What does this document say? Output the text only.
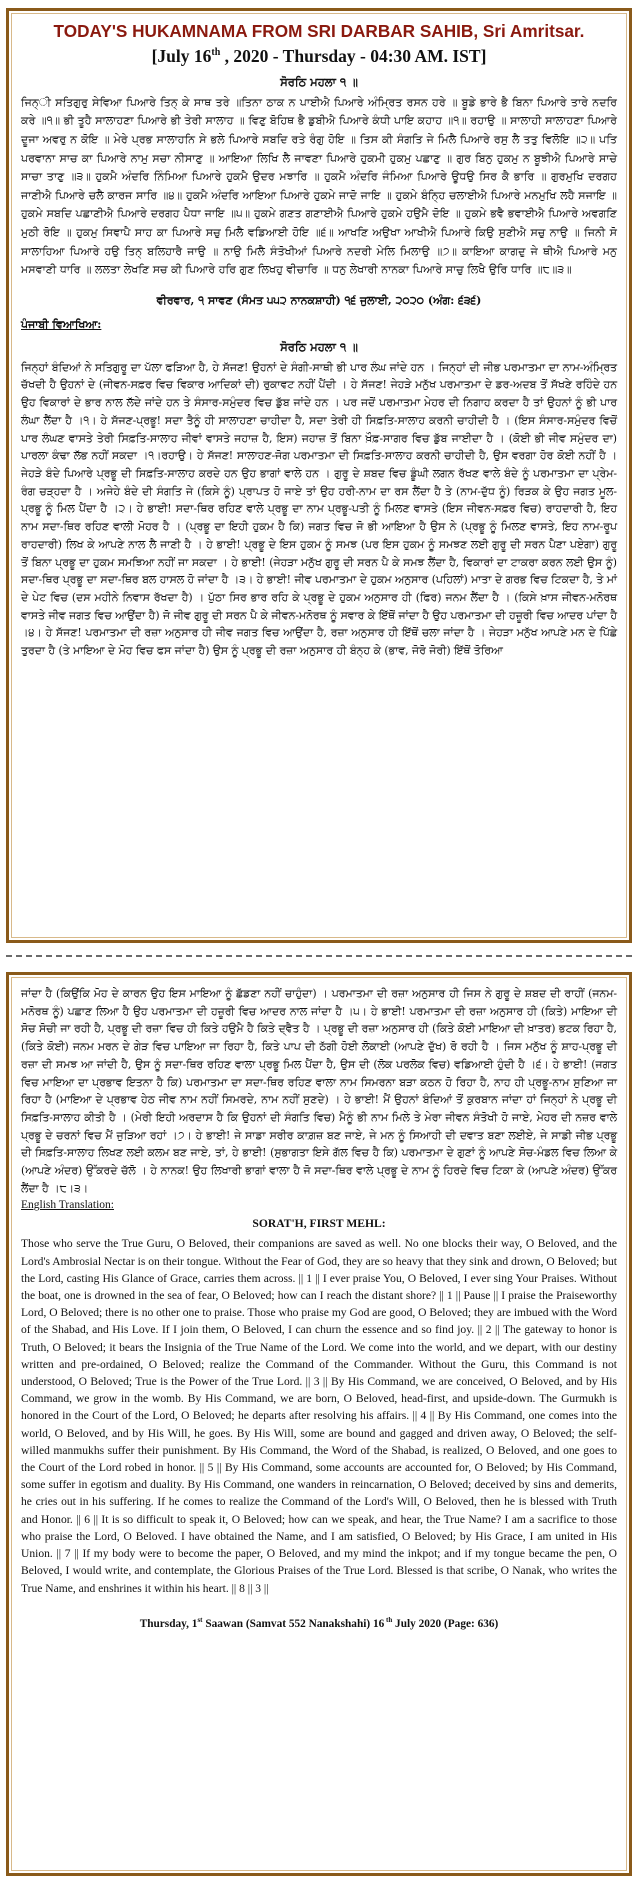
TODAY'S HUKAMNAMA FROM SRI DARBAR SAHIB, Sri Amritsar.
[July 16th , 2020 - Thursday - 04:30 AM. IST]
ਸੋਰਠਿ ਮਹਲਾ ੧ ॥
ਜਿਨ੍ੀ ਸਤਿਗੁਰੁ ਸੇਵਿਆ ਪਿਆਰੇ ਤਿਨ੍ ਕੇ ਸਾਥ ਤਰੇ ॥ਤਿਨਾ ਠਾਕ ਨ ਪਾਈਐ ਪਿਆਰੇ ਅੰਮ੍ਰਿਤ ਰਸਨ ਹਰੇ ॥ ਬੂਡੇ ਭਾਰੇ ਭੈ ਬਿਨਾ ਪਿਆਰੇ ਤਾਰੇ ਨਦਰਿ ਕਰੇ ॥੧॥ ਭੀ ਤੂਹੈ ਸਾਲਾਹਣਾ ਪਿਆਰੇ ਭੀ ਤੇਰੀ ਸਾਲਾਹ ॥ ਵਿਣੁ ਬੋਹਿਥ ਭੈ ਡੁਬੀਐ ਪਿਆਰੇ ਕੰਧੀ ਪਾਇ ਕਹਾਹ ॥੧॥ ਰਹਾਉ ॥ ਸਾਲਾਹੀ ਸਾਲਾਹਣਾ ਪਿਆਰੇ ਦੂਜਾ ਅਵਰੁ ਨ ਕੋਇ ॥ ਮੇਰੇ ਪ੍ਰਭ ਸਾਲਾਹਨਿ ਸੇ ਭਲੇ ਪਿਆਰੇ ਸਬਦਿ ਰਤੇ ਰੰਗੁ ਹੋਇ ॥ ਤਿਸ ਕੀ ਸੰਗਤਿ ਜੇ ਮਿਲੈ ਪਿਆਰੇ ਰਸੁ ਲੈ ਤਤੁ ਵਿਲੋਇ ॥੨॥ ਪਤਿ ਪਰਵਾਨਾ ਸਾਚ ਕਾ ਪਿਆਰੇ ਨਾਮੁ ਸਚਾ ਨੀਸਾਣੁ ॥ ਆਇਆ ਲਿਖਿ ਲੈ ਜਾਵਣਾ ਪਿਆਰੇ ਹੁਕਮੀ ਹੁਕਮੁ ਪਛਾਣੁ ॥ ਗੁਰ ਬਿਨੁ ਹੁਕਮੁ ਨ ਬੂਝੀਐ ਪਿਆਰੇ ਸਾਚੇ ਸਾਚਾ ਤਾਣੁ ॥੩॥ ਹੁਕਮੈ ਅੰਦਰਿ ਨਿੰਮਿਆ ਪਿਆਰੇ ਹੁਕਮੈ ਉਦਰ ਮਝਾਰਿ ॥ ਹੁਕਮੈ ਅੰਦਰਿ ਜੰਮਿਆ ਪਿਆਰੇ ਊਧਉ ਸਿਰ ਕੈ ਭਾਰਿ ॥ ਗੁਰਮੁਖਿ ਦਰਗਹ ਜਾਣੀਐ ਪਿਆਰੇ ਚਲੈ ਕਾਰਜ ਸਾਰਿ ॥੪॥ ਹੁਕਮੈ ਅੰਦਰਿ ਆਇਆ ਪਿਆਰੇ ਹੁਕਮੇ ਜਾਦੋ ਜਾਇ ॥ ਹੁਕਮੇ ਬੰਨ੍ਹਿ ਚਲਾਈਐ ਪਿਆਰੇ ਮਨਮੁਖਿ ਲਹੈ ਸਜਾਇ ॥ ਹੁਕਮੇ ਸਬਦਿ ਪਛਾਣੀਐ ਪਿਆਰੇ ਦਰਗਹ ਪੈਧਾ ਜਾਇ ॥੫॥ ਹੁਕਮੇ ਗਣਤ ਗਣਾਈਐ ਪਿਆਰੇ ਹੁਕਮੇ ਹਉਮੈ ਦੋਇ ॥ ਹੁਕਮੇ ਭਵੈ ਭਵਾਈਐ ਪਿਆਰੇ ਅਵਗਣਿ ਮੁਠੀ ਰੋਇ ॥ ਹੁਕਮੁ ਸਿਞਾਪੈ ਸਾਹ ਕਾ ਪਿਆਰੇ ਸਚੁ ਮਿਲੈ ਵਡਿਆਈ ਹੋਇ ॥੬॥ ਆਖਣਿ ਅਉਖਾ ਆਖੀਐ ਪਿਆਰੇ ਕਿਉ ਸੁਣੀਐ ਸਚੁ ਨਾਉ ॥ ਜਿਨੀ ਸੋ ਸਾਲਾਹਿਆ ਪਿਆਰੇ ਹਉ ਤਿਨ੍ ਬਲਿਹਾਰੈ ਜਾਉ ॥ ਨਾਉ ਮਿਲੈ ਸੰਤੋਖੀਆਂ ਪਿਆਰੇ ਨਦਰੀ ਮੇਲਿ ਮਿਲਾਉ ॥੭॥ ਕਾਇਆ ਕਾਗਦੁ ਜੇ ਥੀਐ ਪਿਆਰੇ ਮਨੁ ਮਸਵਾਣੀ ਧਾਰਿ ॥ ਲਲਤਾ ਲੇਖਣਿ ਸਚ ਕੀ ਪਿਆਰੇ ਹਰਿ ਗੁਣ ਲਿਖਹੁ ਵੀਚਾਰਿ ॥ ਧਨੁ ਲੇਖਾਰੀ ਨਾਨਕਾ ਪਿਆਰੇ ਸਾਚੁ ਲਿਖੈ ਉਰਿ ਧਾਰਿ ॥੮॥੩॥
ਵੀਰਵਾਰ, ੧ ਸਾਵਣ (ਸੰਮਤ ੫੫੨ ਨਾਨਕਸ਼ਾਹੀ) ੧੬ ਜੁਲਾਈ, ੨੦੨੦ (ਅੰਗ: ੬੩੬)
ਪੰਜਾਬੀ ਵਿਆਖਿਆ:
ਸੋਰਠਿ ਮਹਲਾ ੧ ॥
ਜਿਨ੍ਹਾਂ ਬੰਦਿਆਂ ਨੇ ਸਤਿਗੁਰੂ ਦਾ ਪੱਲਾ ਫੜਿਆ ਹੈ, ਹੇ ਸੱਜਣ! ਉਹਨਾਂ ਦੇ ਸੰਗੀ-ਸਾਥੀ ਭੀ ਪਾਰ ਲੰਘ ਜਾਂਦੇ ਹਨ । ਜਿਨ੍ਹਾਂ ਦੀ ਜੀਭ ਪਰਮਾਤਮਾ ਦਾ ਨਾਮ-ਅੰਮ੍ਰਿਤ ਚੱਖਦੀ ਹੈ ਉਹਨਾਂ ਦੇ (ਜੀਵਨ-ਸਫ਼ਰ ਵਿਚ ਵਿਕਾਰ ਆਦਿਕਾਂ ਦੀ) ਰੁਕਾਵਟ ਨਹੀਂ ਪੈਂਦੀ । ਹੇ ਸੱਜਣ! ਜੇਹੜੇ ਮਨੁੱਖ ਪਰਮਾਤਮਾ ਦੇ ਡਰ-ਅਦਬ ਤੋਂ ਸੱਖਣੇ ਰਹਿੰਦੇ ਹਨ ਉਹ ਵਿਕਾਰਾਂ ਦੇ ਭਾਰ ਨਾਲ ਲੱਦੇ ਜਾਂਦੇ ਹਨ ਤੇ ਸੰਸਾਰ-ਸਮੁੰਦਰ ਵਿਚ ਡੁੱਬ ਜਾਂਦੇ ਹਨ । ਪਰ ਜਦੋਂ ਪਰਮਾਤਮਾ ਮੇਹਰ ਦੀ ਨਿਗਾਹ ਕਰਦਾ ਹੈ ਤਾਂ ਉਹਨਾਂ ਨੂੰ ਭੀ ਪਾਰ ਲੰਘਾ ਲੈਂਦਾ ਹੈ ।੧। ਹੇ ਸੱਜਣ-ਪ੍ਰਭੂ! ਸਦਾ ਤੈਨੂੰ ਹੀ ਸਾਲਾਹਣਾ ਚਾਹੀਦਾ ਹੈ, ਸਦਾ ਤੇਰੀ ਹੀ ਸਿਫ਼ਤਿ-ਸਾਲਾਹ ਕਰਨੀ ਚਾਹੀਦੀ ਹੈ । (ਇਸ ਸੰਸਾਰ-ਸਮੁੰਦਰ ਵਿਚੋਂ ਪਾਰ ਲੰਘਣ ਵਾਸਤੇ ਤੇਰੀ ਸਿਫ਼ਤਿ-ਸਾਲਾਹ ਜੀਵਾਂ ਵਾਸਤੇ ਜਹਾਜ਼ ਹੈ, ਇਸ) ਜਹਾਜ਼ ਤੋਂ ਬਿਨਾ ਖ਼ੌਫ਼-ਸਾਗਰ ਵਿਚ ਡੁੱਬ ਜਾਈਦਾ ਹੈ । (ਕੋਈ ਭੀ ਜੀਵ ਸਮੁੰਦਰ ਦਾ) ਪਾਰਲਾ ਕੰਢਾ ਲੱਭ ਨਹੀਂ ਸਕਦਾ ।੧।ਰਹਾਉ। ਹੇ ਸੱਜਣ! ਸਾਲਾਹਣ-ਜੋਗ ਪਰਮਾਤਮਾ ਦੀ ਸਿਫ਼ਤਿ-ਸਾਲਾਹ ਕਰਨੀ ਚਾਹੀਦੀ ਹੈ, ਉਸ ਵਰਗਾ ਹੋਰ ਕੋਈ ਨਹੀਂ ਹੈ । ਜੇਹੜੇ ਬੰਦੇ ਪਿਆਰੇ ਪ੍ਰਭੂ ਦੀ ਸਿਫ਼ਤਿ-ਸਾਲਾਹ ਕਰਦੇ ਹਨ ਉਹ ਭਾਗਾਂ ਵਾਲੇ ਹਨ । ਗੁਰੂ ਦੇ ਸ਼ਬਦ ਵਿਚ ਡੂੰਘੀ ਲਗਨ ਰੱਖਣ ਵਾਲੇ ਬੰਦੇ ਨੂੰ ਪਰਮਾਤਮਾ ਦਾ ਪ੍ਰੇਮ-ਰੰਗ ਚੜ੍ਹਦਾ ਹੈ । ਅਜੇਹੇ ਬੰਦੇ ਦੀ ਸੰਗਤਿ ਜੇ (ਕਿਸੇ ਨੂੰ) ਪ੍ਰਾਪਤ ਹੋ ਜਾਏ ਤਾਂ ਉਹ ਹਰੀ-ਨਾਮ ਦਾ ਰਸ ਲੈਂਦਾ ਹੈ ਤੇ (ਨਾਮ-ਦੁੱਧ ਨੂੰ) ਰਿੜਕ ਕੇ ਉਹ ਜਗਤ ਮੂਲ-ਪ੍ਰਭੂ ਨੂੰ ਮਿਲ ਪੈਂਦਾ ਹੈ ।੨। ਹੇ ਭਾਈ! ਸਦਾ-ਥਿਰ ਰਹਿਣ ਵਾਲੇ ਪ੍ਰਭੂ ਦਾ ਨਾਮ ਪ੍ਰਭੂ-ਪਤੀ ਨੂੰ ਮਿਲਣ ਵਾਸਤੇ (ਇਸ ਜੀਵਨ-ਸਫ਼ਰ ਵਿਚ) ਰਾਹਦਾਰੀ ਹੈ, ਇਹ ਨਾਮ ਸਦਾ-ਥਿਰ ਰਹਿਣ ਵਾਲੀ ਮੋਹਰ ਹੈ । (ਪ੍ਰਭੂ ਦਾ ਇਹੀ ਹੁਕਮ ਹੈ ਕਿ) ਜਗਤ ਵਿਚ ਜੋ ਭੀ ਆਇਆ ਹੈ ਉਸ ਨੇ (ਪ੍ਰਭੂ ਨੂੰ ਮਿਲਣ ਵਾਸਤੇ, ਇਹ ਨਾਮ-ਰੂਪ ਰਾਹਦਾਰੀ) ਲਿਖ ਕੇ ਆਪਣੇ ਨਾਲ ਲੈ ਜਾਣੀ ਹੈ । ਹੇ ਭਾਈ! ਪ੍ਰਭੂ ਦੇ ਇਸ ਹੁਕਮ ਨੂੰ ਸਮਝ (ਪਰ ਇਸ ਹੁਕਮ ਨੂੰ ਸਮਝਣ ਲਈ ਗੁਰੂ ਦੀ ਸਰਨ ਪੈਣਾ ਪਏਗਾ) ਗੁਰੂ ਤੋਂ ਬਿਨਾ ਪ੍ਰਭੂ ਦਾ ਹੁਕਮ ਸਮਝਿਆ ਨਹੀਂ ਜਾ ਸਕਦਾ । ਹੇ ਭਾਈ! (ਜੇਹੜਾ ਮਨੁੱਖ ਗੁਰੂ ਦੀ ਸਰਨ ਪੈ ਕੇ ਸਮਝ ਲੈਂਦਾ ਹੈ, ਵਿਕਾਰਾਂ ਦਾ ਟਾਕਰਾ ਕਰਨ ਲਈ ਉਸ ਨੂੰ) ਸਦਾ-ਥਿਰ ਪ੍ਰਭੂ ਦਾ ਸਦਾ-ਥਿਰ ਬਲ ਹਾਸਲ ਹੋ ਜਾਂਦਾ ਹੈ ।੩। ਹੇ ਭਾਈ! ਜੀਵ ਪਰਮਾਤਮਾ ਦੇ ਹੁਕਮ ਅਨੁਸਾਰ (ਪਹਿਲਾਂ) ਮਾਤਾ ਦੇ ਗਰਭ ਵਿਚ ਟਿਕਦਾ ਹੈ, ਤੇ ਮਾਂ ਦੇ ਪੇਟ ਵਿਚ (ਦਸ ਮਹੀਨੇ ਨਿਵਾਸ ਰੱਖਦਾ ਹੈ) । ਪੁੱਠਾ ਸਿਰ ਭਾਰ ਰਹਿ ਕੇ ਪ੍ਰਭੂ ਦੇ ਹੁਕਮ ਅਨੁਸਾਰ ਹੀ (ਫਿਰ) ਜਨਮ ਲੈਂਦਾ ਹੈ । (ਕਿਸੇ ਖ਼ਾਸ ਜੀਵਨ-ਮਨੋਰਥ ਵਾਸਤੇ ਜੀਵ ਜਗਤ ਵਿਚ ਆਉਂਦਾ ਹੈ) ਜੋ ਜੀਵ ਗੁਰੂ ਦੀ ਸਰਨ ਪੈ ਕੇ ਜੀਵਨ-ਮਨੋਰਥ ਨੂੰ ਸਵਾਰ ਕੇ ਇੱਥੋਂ ਜਾਂਦਾ ਹੈ ਉਹ ਪਰਮਾਤਮਾ ਦੀ ਹਜ਼ੂਰੀ ਵਿਚ ਆਦਰ ਪਾਂਦਾ ਹੈ ।੪। ਹੇ ਸੱਜਣ! ਪਰਮਾਤਮਾ ਦੀ ਰਜ਼ਾ ਅਨੁਸਾਰ ਹੀ ਜੀਵ ਜਗਤ ਵਿਚ ਆਉਂਦਾ ਹੈ, ਰਜ਼ਾ ਅਨੁਸਾਰ ਹੀ ਇੱਥੋਂ ਚਲਾ ਜਾਂਦਾ ਹੈ । ਜੇਹੜਾ ਮਨੁੱਖ ਆਪਣੇ ਮਨ ਦੇ ਪਿੱਛੇ ਤੁਰਦਾ ਹੈ (ਤੇ ਮਾਇਆ ਦੇ ਮੋਹ ਵਿਚ ਫਸ ਜਾਂਦਾ ਹੈ) ਉਸ ਨੂੰ ਪ੍ਰਭੂ ਦੀ ਰਜ਼ਾ ਅਨੁਸਾਰ ਹੀ ਬੰਨ੍ਹ ਕੇ (ਭਾਵ, ਜੋਰੋ ਜੋਰੀ) ਇੱਥੋਂ ਤੋਰਿਆ
ਜਾਂਦਾ ਹੈ (ਕਿਉਂਕਿ ਮੋਹ ਦੇ ਕਾਰਨ ਉਹ ਇਸ ਮਾਇਆ ਨੂੰ ਛੱਡਣਾ ਨਹੀਂ ਚਾਹੁੰਦਾ) । ਪਰਮਾਤਮਾ ਦੀ ਰਜ਼ਾ ਅਨੁਸਾਰ ਹੀ ਜਿਸ ਨੇ ਗੁਰੂ ਦੇ ਸ਼ਬਦ ਦੀ ਰਾਹੀਂ (ਜਨਮ-ਮਨੋਰਥ ਨੂੰ) ਪਛਾਣ ਲਿਆ ਹੈ ਉਹ ਪਰਮਾਤਮਾ ਦੀ ਹਜ਼ੂਰੀ ਵਿਚ ਆਦਰ ਨਾਲ ਜਾਂਦਾ ਹੈ ।੫। ਹੇ ਭਾਈ! ਪਰਮਾਤਮਾ ਦੀ ਰਜ਼ਾ ਅਨੁਸਾਰ ਹੀ (ਕਿਤੇ) ਮਾਇਆ ਦੀ ਸੋਚ ਸੋਚੀ ਜਾ ਰਹੀ ਹੈ, ਪ੍ਰਭੂ ਦੀ ਰਜ਼ਾ ਵਿਚ ਹੀ ਕਿਤੇ ਹਉਮੈ ਹੈ ਕਿਤੇ ਦ੍ਵੈਤ ਹੈ । ਪ੍ਰਭੂ ਦੀ ਰਜ਼ਾ ਅਨੁਸਾਰ ਹੀ (ਕਿਤੇ ਕੋਈ ਮਾਇਆ ਦੀ ਖ਼ਾਤਰ) ਭਟਕ ਰਿਹਾ ਹੈ, (ਕਿਤੇ ਕੋਈ) ਜਨਮ ਮਰਨ ਦੇ ਗੇੜ ਵਿਚ ਪਾਇਆ ਜਾ ਰਿਹਾ ਹੈ, ਕਿਤੇ ਪਾਪ ਦੀ ਠੱਗੀ ਹੋਈ ਲੋਕਾਈ (ਆਪਣੇ ਦੁੱਖ) ਰੋ ਰਹੀ ਹੈ । ਜਿਸ ਮਨੁੱਖ ਨੂੰ ਸ਼ਾਹ-ਪ੍ਰਭੂ ਦੀ ਰਜ਼ਾ ਦੀ ਸਮਝ ਆ ਜਾਂਦੀ ਹੈ, ਉਸ ਨੂੰ ਸਦਾ-ਥਿਰ ਰਹਿਣ ਵਾਲਾ ਪ੍ਰਭੂ ਮਿਲ ਪੈਂਦਾ ਹੈ, ਉਸ ਦੀ (ਲੋਕ ਪਰਲੋਕ ਵਿਚ) ਵਡਿਆਈ ਹੁੰਦੀ ਹੈ ।੬। ਹੇ ਭਾਈ! (ਜਗਤ ਵਿਚ ਮਾਇਆ ਦਾ ਪ੍ਰਭਾਵ ਇਤਨਾ ਹੈ ਕਿ) ਪਰਮਾਤਮਾ ਦਾ ਸਦਾ-ਥਿਰ ਰਹਿਣ ਵਾਲਾ ਨਾਮ ਸਿਮਰਨਾ ਬੜਾ ਕਠਨ ਹੋ ਰਿਹਾ ਹੈ, ਨਾਹ ਹੀ ਪ੍ਰਭੂ-ਨਾਮ ਸੁਣਿਆ ਜਾ ਰਿਹਾ ਹੈ (ਮਾਇਆ ਦੇ ਪ੍ਰਭਾਵ ਹੇਠ ਜੀਵ ਨਾਮ ਨਹੀਂ ਸਿਮਰਦੇ, ਨਾਮ ਨਹੀਂ ਸੁਣਦੇ) । ਹੇ ਭਾਈ! ਮੈਂ ਉਹਨਾਂ ਬੰਦਿਆਂ ਤੋਂ ਕੁਰਬਾਨ ਜਾਂਦਾ ਹਾਂ ਜਿਨ੍ਹਾਂ ਨੇ ਪ੍ਰਭੂ ਦੀ ਸਿਫ਼ਤਿ-ਸਾਲਾਹ ਕੀਤੀ ਹੈ । (ਮੇਰੀ ਇਹੀ ਅਰਦਾਸ ਹੈ ਕਿ ਉਹਨਾਂ ਦੀ ਸੰਗਤਿ ਵਿਚ) ਮੈਨੂੰ ਭੀ ਨਾਮ ਮਿਲੇ ਤੇ ਮੇਰਾ ਜੀਵਨ ਸੰਤੋਖੀ ਹੋ ਜਾਏ, ਮੇਹਰ ਦੀ ਨਜ਼ਰ ਵਾਲੇ ਪ੍ਰਭੂ ਦੇ ਚਰਨਾਂ ਵਿਚ ਮੈਂ ਜੁੜਿਆ ਰਹਾਂ ।੭। ਹੇ ਭਾਈ! ਜੇ ਸਾਡਾ ਸਰੀਰ ਕਾਗ਼ਜ਼ ਬਣ ਜਾਏ, ਜੇ ਮਨ ਨੂੰ ਸਿਆਹੀ ਦੀ ਦਵਾਤ ਬਣਾ ਲਈਏ, ਜੇ ਸਾਡੀ ਜੀਭ ਪ੍ਰਭੂ ਦੀ ਸਿਫ਼ਤਿ-ਸਾਲਾਹ ਲਿਖਣ ਲਈ ਕਲਮ ਬਣ ਜਾਏ, ਤਾਂ, ਹੇ ਭਾਈ! (ਸੁਭਾਗਤਾ ਇਸੇ ਗੱਲ ਵਿਚ ਹੈ ਕਿ) ਪਰਮਾਤਮਾ ਦੇ ਗੁਣਾਂ ਨੂੰ ਆਪਣੇ ਸੋਚ-ਮੰਡਲ ਵਿਚ ਲਿਆ ਕੇ (ਆਪਣੇ ਅੰਦਰ) ਉੱਕਰਦੇ ਚੱਲੋ । ਹੇ ਨਾਨਕ! ਉਹ ਲਿਖਾਰੀ ਭਾਗਾਂ ਵਾਲਾ ਹੈ ਜੋ ਸਦਾ-ਥਿਰ ਵਾਲੇ ਪ੍ਰਭੂ ਦੇ ਨਾਮ ਨੂੰ ਹਿਰਦੇ ਵਿਚ ਟਿਕਾ ਕੇ (ਆਪਣੇ ਅੰਦਰ) ਉੱਕਰ ਲੈਂਦਾ ਹੈ ।੮।੩।
English Translation:
SORAT'H, FIRST MEHL:
Those who serve the True Guru, O Beloved, their companions are saved as well. No one blocks their way, O Beloved, and the Lord's Ambrosial Nectar is on their tongue. Without the Fear of God, they are so heavy that they sink and drown, O Beloved; but the Lord, casting His Glance of Grace, carries them across. || 1 || I ever praise You, O Beloved, I ever sing Your Praises. Without the boat, one is drowned in the sea of fear, O Beloved; how can I reach the distant shore? || 1 || Pause || I praise the Praiseworthy Lord, O Beloved; there is no other one to praise. Those who praise my God are good, O Beloved; they are imbued with the Word of the Shabad, and His Love. If I join them, O Beloved, I can churn the essence and so find joy. || 2 || The gateway to honor is Truth, O Beloved; it bears the Insignia of the True Name of the Lord. We come into the world, and we depart, with our destiny written and pre-ordained, O Beloved; realize the Command of the Commander. Without the Guru, this Command is not understood, O Beloved; True is the Power of the True Lord. || 3 || By His Command, we are conceived, O Beloved, and by His Command, we grow in the womb. By His Command, we are born, O Beloved, head-first, and upside-down. The Gurmukh is honored in the Court of the Lord, O Beloved; he departs after resolving his affairs. || 4 || By His Command, one comes into the world, O Beloved, and by His Will, he goes. By His Will, some are bound and gagged and driven away, O Beloved; the self-willed manmukhs suffer their punishment. By His Command, the Word of the Shabad, is realized, O Beloved, and one goes to the Court of the Lord robed in honor. || 5 || By His Command, some accounts are accounted for, O Beloved; by His Command, some suffer in egotism and duality. By His Command, one wanders in reincarnation, O Beloved; deceived by sins and demerits, he cries out in his suffering. If he comes to realize the Command of the Lord's Will, O Beloved, then he is blessed with Truth and Honor. || 6 || It is so difficult to speak it, O Beloved; how can we speak, and hear, the True Name? I am a sacrifice to those who praise the Lord, O Beloved. I have obtained the Name, and I am satisfied, O Beloved; by His Grace, I am united in His Union. || 7 || If my body were to become the paper, O Beloved, and my mind the inkpot; and if my tongue became the pen, O Beloved, I would write, and contemplate, the Glorious Praises of the True Lord. Blessed is that scribe, O Nanak, who writes the True Name, and enshrines it within his heart. || 8 || 3 ||
Thursday, 1st Saawan (Samvat 552 Nanakshahi) 16 $^{th}$ July 2020 (Page: 636)
